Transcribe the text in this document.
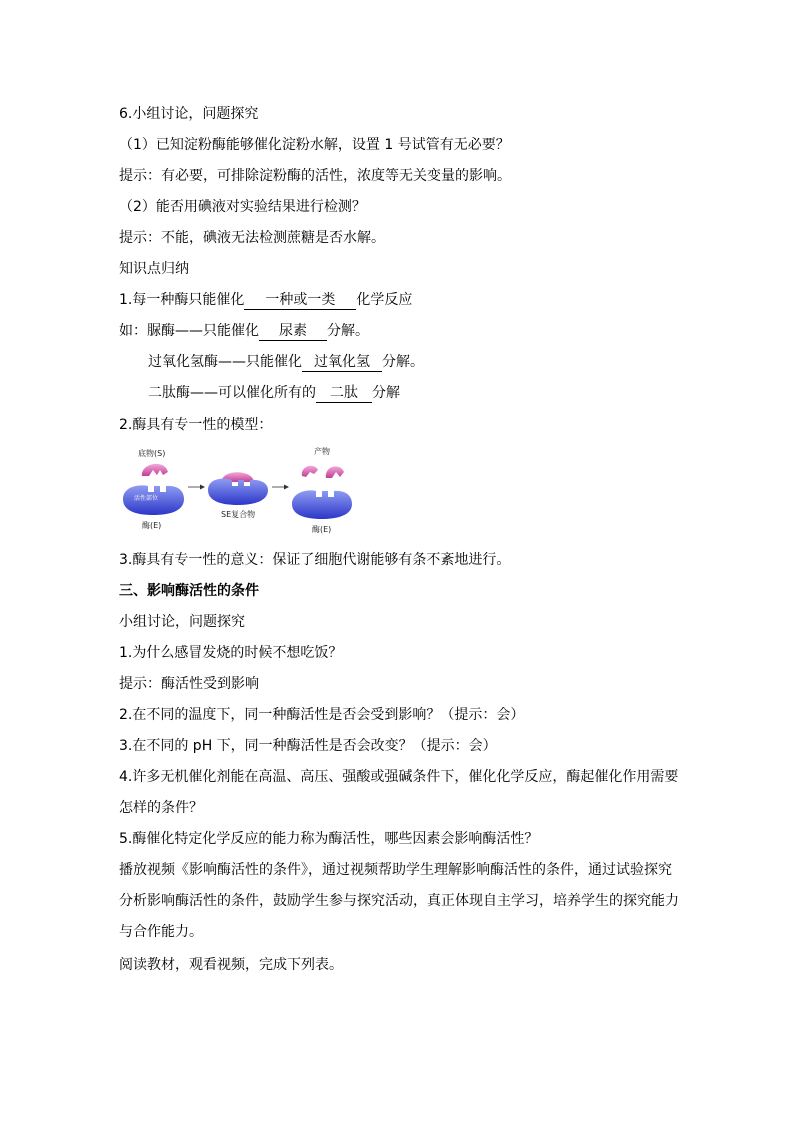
6.小组讨论，问题探究
（1）已知淀粉酶能够催化淀粉水解，设置 1 号试管有无必要？
提示：有必要，可排除淀粉酶的活性，浓度等无关变量的影响。
（2）能否用碘液对实验结果进行检测？
提示：不能，碘液无法检测蔗糖是否水解。
知识点归纳
1.每一种酶只能催化 一种或一类 化学反应
如：脲酶——只能催化 尿素 分解。
过氧化氢酶——只能催化 过氧化氢 分解。
二肽酶——可以催化所有的 二肽 分解
2.酶具有专一性的模型：
底物(S)
活性部位
酶(E)
SE复合物
产物
酶(E)
3.酶具有专一性的意义：保证了细胞代谢能够有条不紊地进行。
三、影响酶活性的条件
小组讨论，问题探究
1.为什么感冒发烧的时候不想吃饭？
提示：酶活性受到影响
2.在不同的温度下，同一种酶活性是否会受到影响？（提示：会）
3.在不同的 pH 下，同一种酶活性是否会改变？（提示：会）
4.许多无机催化剂能在高温、高压、强酸或强碱条件下，催化化学反应，酶起催化作用需要怎样的条件？
5.酶催化特定化学反应的能力称为酶活性，哪些因素会影响酶活性？
播放视频《影响酶活性的条件》，通过视频帮助学生理解影响酶活性的条件，通过试验探究分析影响酶活性的条件，鼓励学生参与探究活动，真正体现自主学习，培养学生的探究能力与合作能力。
阅读教材，观看视频，完成下列表。
